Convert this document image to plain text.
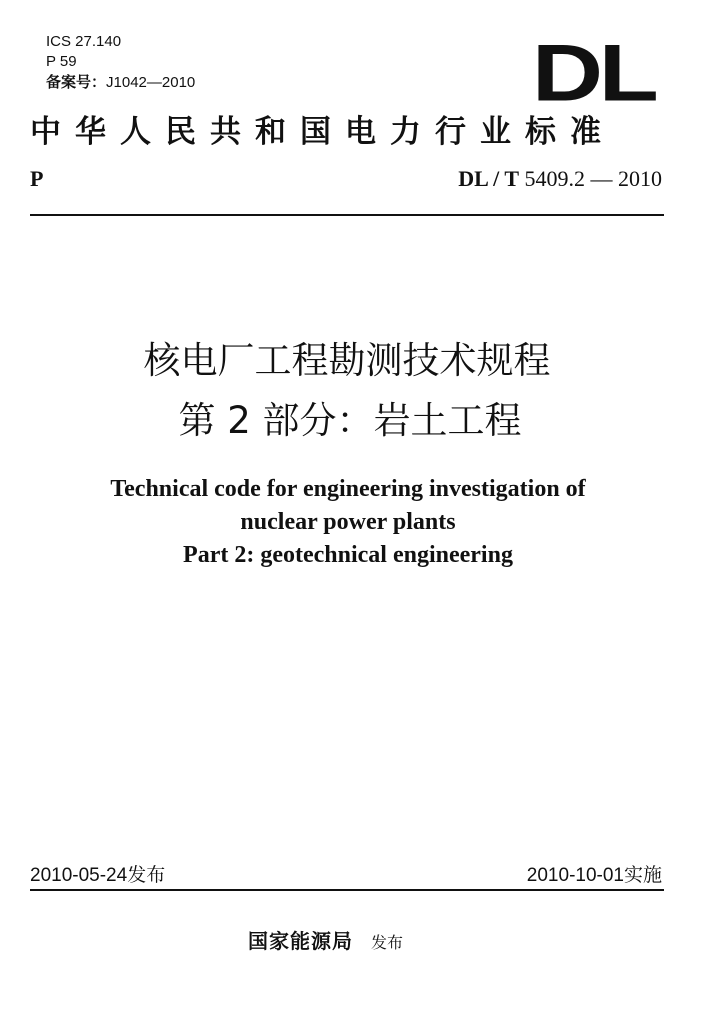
ICS 27.140
P 59
备案号：J1042—2010	DL
中华人民共和国电力行业标准
P	DL / T 5409.2 — 2010
核电厂工程勘测技术规程
第 2 部分：岩土工程
Technical code for engineering investigation of
nuclear power plants
Part 2: geotechnical engineering
2010-05-24发布	2010-10-01实施
国家能源局 发布
